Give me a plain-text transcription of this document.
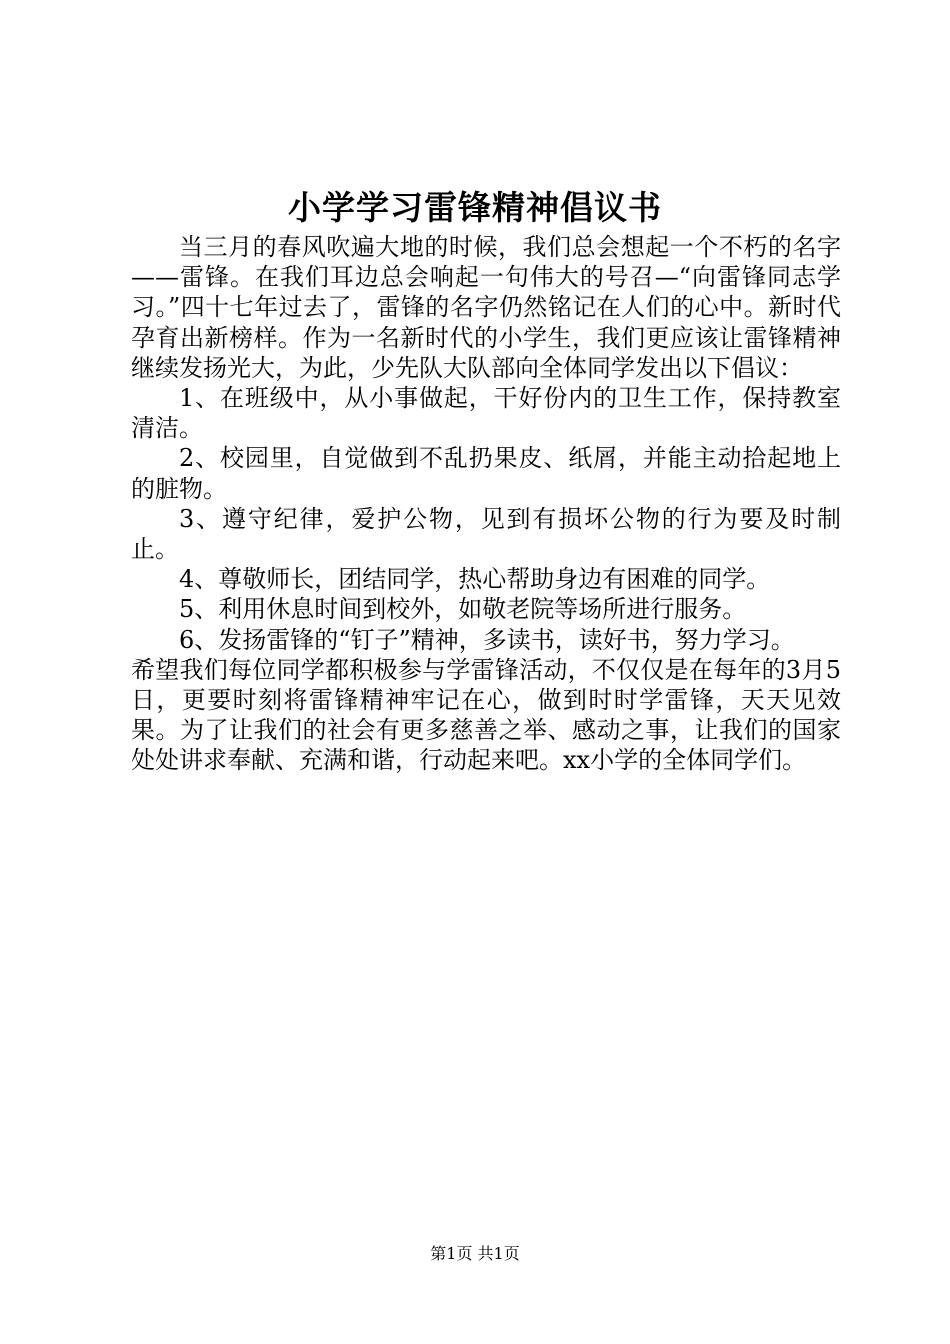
小学学习雷锋精神倡议书

当三月的春风吹遍大地的时候，我们总会想起一个不朽的名字——雷锋。在我们耳边总会响起一句伟大的号召—“向雷锋同志学习。”四十七年过去了，雷锋的名字仍然铭记在人们的心中。新时代孕育出新榜样。作为一名新时代的小学生，我们更应该让雷锋精神继续发扬光大，为此，少先队大队部向全体同学发出以下倡议：

1、在班级中，从小事做起，干好份内的卫生工作，保持教室清洁。

2、校园里，自觉做到不乱扔果皮、纸屑，并能主动拾起地上的脏物。

3、遵守纪律，爱护公物，见到有损坏公物的行为要及时制止。

4、尊敬师长，团结同学，热心帮助身边有困难的同学。

5、利用休息时间到校外，如敬老院等场所进行服务。

6、发扬雷锋的“钉子”精神，多读书，读好书，努力学习。

希望我们每位同学都积极参与学雷锋活动，不仅仅是在每年的3月5日，更要时刻将雷锋精神牢记在心，做到时时学雷锋，天天见效果。为了让我们的社会有更多慈善之举、感动之事，让我们的国家处处讲求奉献、充满和谐，行动起来吧。xx小学的全体同学们。

第1页 共1页
